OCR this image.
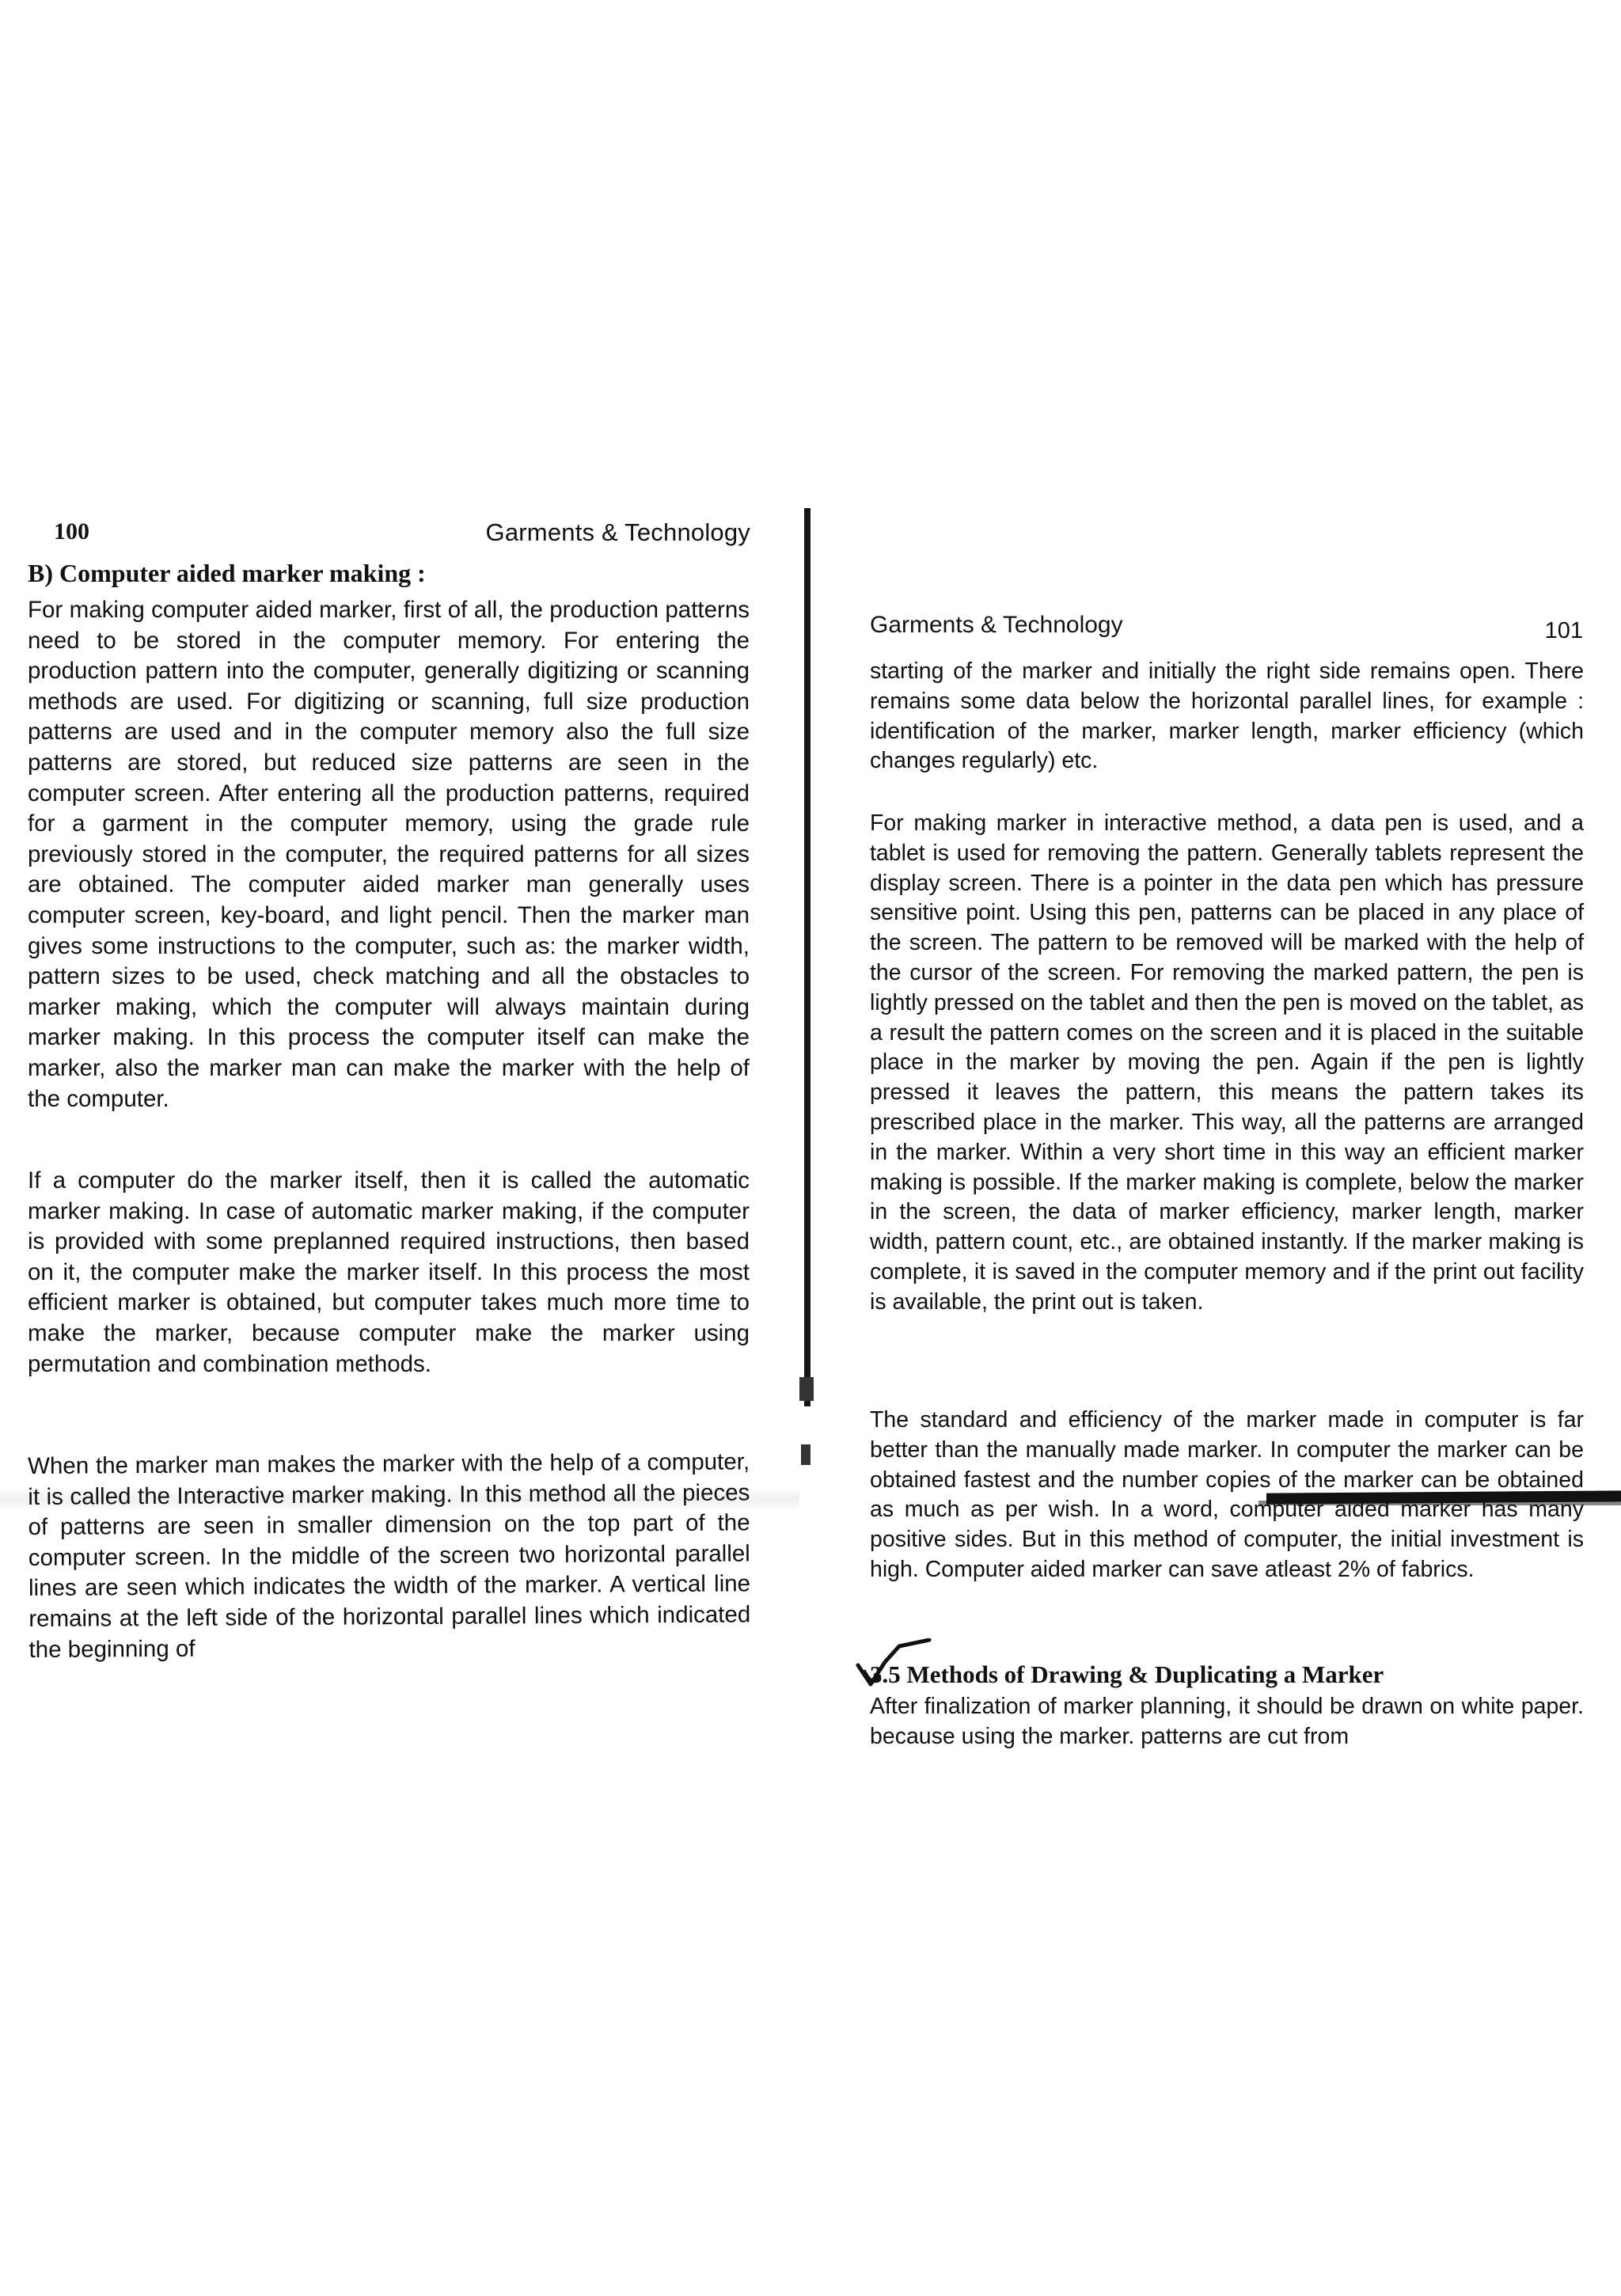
100	Garments & Technology
B) Computer aided marker making :

For making computer aided marker, first of all, the production patterns need to be stored in the computer memory. For entering the production pattern into the computer, generally digitizing or scanning methods are used. For digitizing or scanning, full size production patterns are used and in the computer memory also the full size patterns are stored, but reduced size patterns are seen in the computer screen. After entering all the production patterns, required for a garment in the computer memory, using the grade rule previously stored in the computer, the required patterns for all sizes are obtained. The computer aided marker man generally uses computer screen, key-board, and light pencil. Then the marker man gives some instructions to the computer, such as: the marker width, pattern sizes to be used, check matching and all the obstacles to marker making, which the computer will always maintain during marker making. In this process the computer itself can make the marker, also the marker man can make the marker with the help of the computer.

If a computer do the marker itself, then it is called the automatic marker making. In case of automatic marker making, if the computer is provided with some preplanned required instructions, then based on it, the computer make the marker itself. In this process the most efficient marker is obtained, but computer takes much more time to make the marker, because computer make the marker using permutation and combination methods.

When the marker man makes the marker with the help of a computer, it is called the Interactive marker making. In this method all the pieces of patterns are seen in smaller dimension on the top part of the computer screen. In the middle of the screen two horizontal parallel lines are seen which indicates the width of the marker. A vertical line remains at the left side of the horizontal parallel lines which indicated the beginning of

Garments & Technology	101

starting of the marker and initially the right side remains open. There remains some data below the horizontal parallel lines, for example : identification of the marker, marker length, marker efficiency (which changes regularly) etc.

For making marker in interactive method, a data pen is used, and a tablet is used for removing the pattern. Generally tablets represent the display screen. There is a pointer in the data pen which has pressure sensitive point. Using this pen, patterns can be placed in any place of the screen. The pattern to be removed will be marked with the help of the cursor of the screen. For removing the marked pattern, the pen is lightly pressed on the tablet and then the pen is moved on the tablet, as a result the pattern comes on the screen and it is placed in the suitable place in the marker by moving the pen. Again if the pen is lightly pressed it leaves the pattern, this means the pattern takes its prescribed place in the marker. This way, all the patterns are arranged in the marker. Within a very short time in this way an efficient marker making is possible. If the marker making is complete, below the marker in the screen, the data of marker efficiency, marker length, marker width, pattern count, etc., are obtained instantly. If the marker making is complete, it is saved in the computer memory and if the print out facility is available, the print out is taken.

The standard and efficiency of the marker made in computer is far better than the manually made marker. In computer the marker can be obtained fastest and the number copies of the marker can be obtained as much as per wish. In a word, computer aided marker has many positive sides. But in this method of computer, the initial investment is high. Computer aided marker can save atleast 2% of fabrics.

3.5 Methods of Drawing & Duplicating a Marker

After finalization of marker planning, it should be drawn on white paper. because using the marker. patterns are cut from
